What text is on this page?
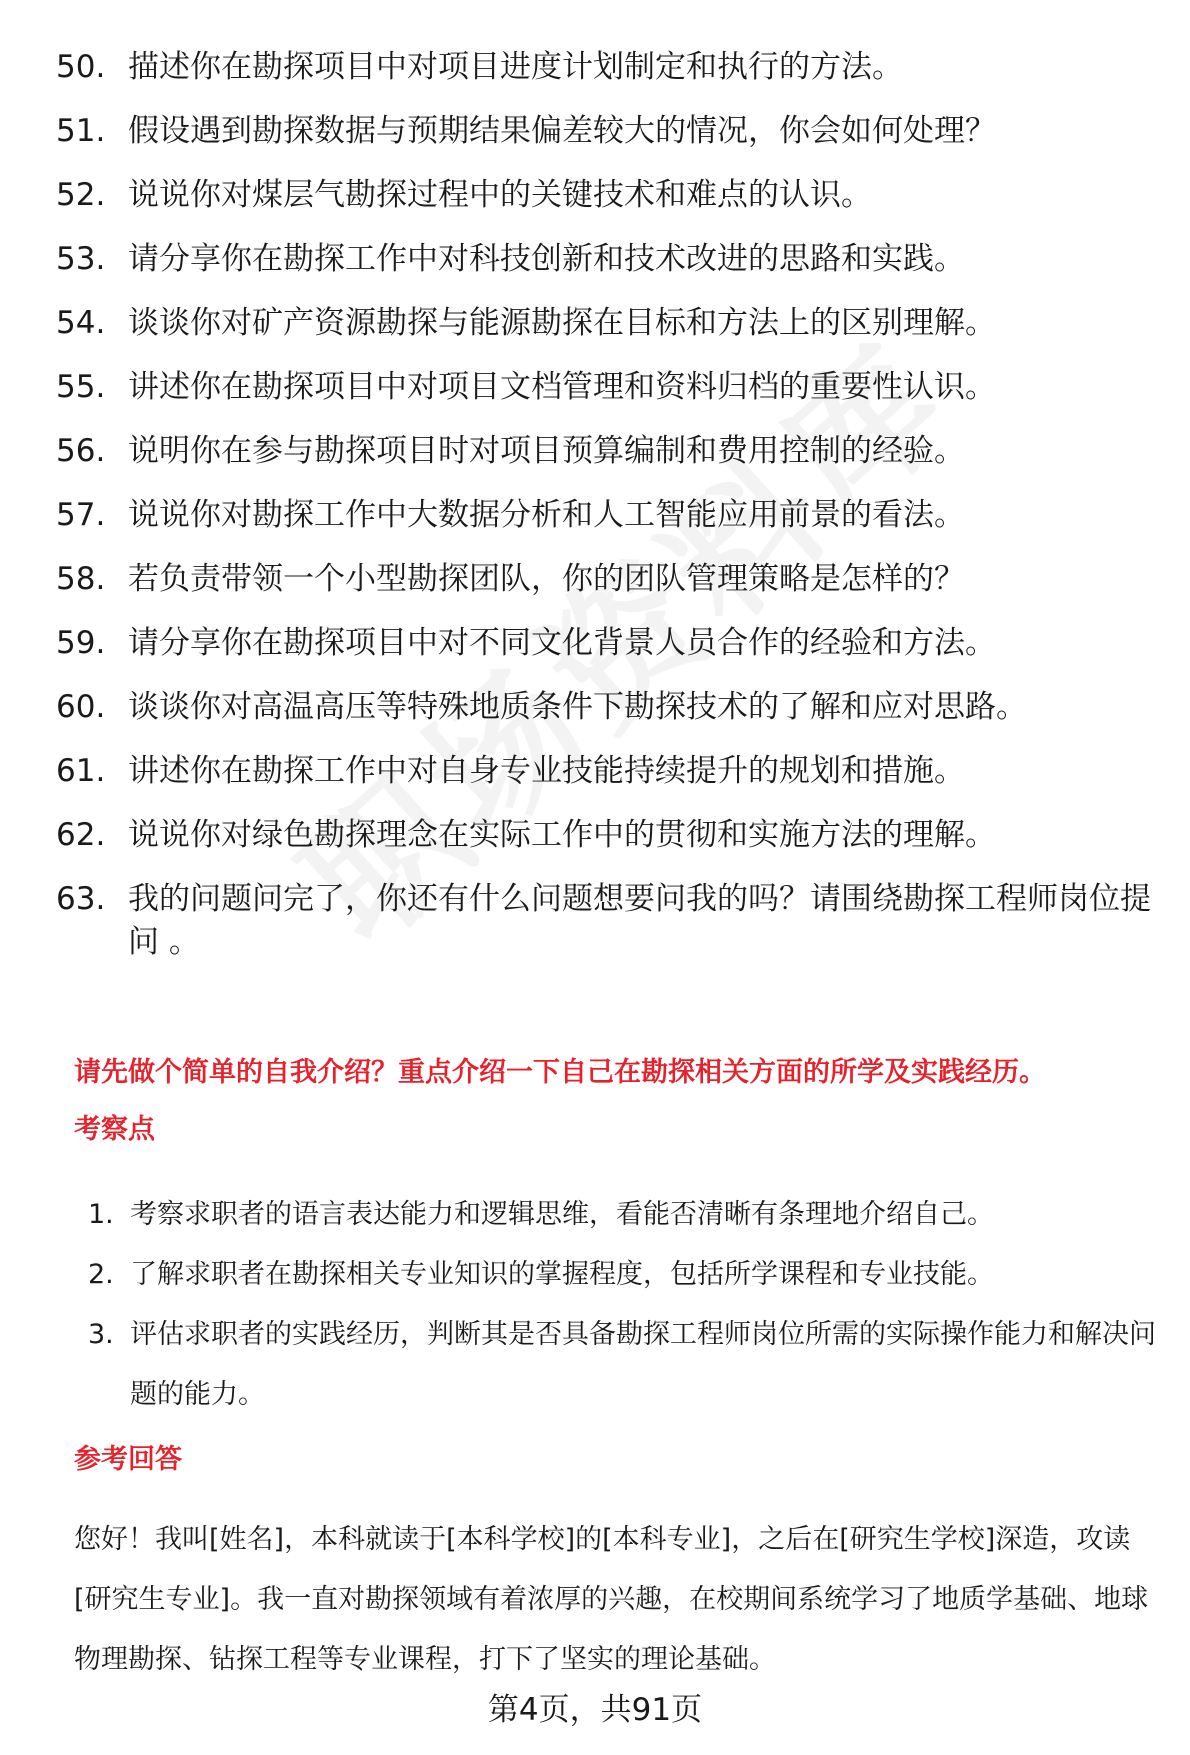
50. 描述你在勘探项目中对项目进度计划制定和执行的方法。
51. 假设遇到勘探数据与预期结果偏差较大的情况，你会如何处理？
52. 说说你对煤层气勘探过程中的关键技术和难点的认识。
53. 请分享你在勘探工作中对科技创新和技术改进的思路和实践。
54. 谈谈你对矿产资源勘探与能源勘探在目标和方法上的区别理解。
55. 讲述你在勘探项目中对项目文档管理和资料归档的重要性认识。
56. 说明你在参与勘探项目时对项目预算编制和费用控制的经验。
57. 说说你对勘探工作中大数据分析和人工智能应用前景的看法。
58. 若负责带领一个小型勘探团队，你的团队管理策略是怎样的？
59. 请分享你在勘探项目中对不同文化背景人员合作的经验和方法。
60. 谈谈你对高温高压等特殊地质条件下勘探技术的了解和应对思路。
61. 讲述你在勘探工作中对自身专业技能持续提升的规划和措施。
62. 说说你对绿色勘探理念在实际工作中的贯彻和实施方法的理解。
63. 我的问题问完了，你还有什么问题想要问我的吗？请围绕勘探工程师岗位提问 。
请先做个简单的自我介绍？重点介绍一下自己在勘探相关方面的所学及实践经历。
考察点
1. 考察求职者的语言表达能力和逻辑思维，看能否清晰有条理地介绍自己。
2. 了解求职者在勘探相关专业知识的掌握程度，包括所学课程和专业技能。
3. 评估求职者的实践经历，判断其是否具备勘探工程师岗位所需的实际操作能力和解决问题的能力。
参考回答

您好！我叫[姓名]，本科就读于[本科学校]的[本科专业]，之后在[研究生学校]深造，攻读[研究生专业]。我一直对勘探领域有着浓厚的兴趣，在校期间系统学习了地质学基础、地球物理勘探、钻探工程等专业课程，打下了坚实的理论基础。

第4页，共91页
